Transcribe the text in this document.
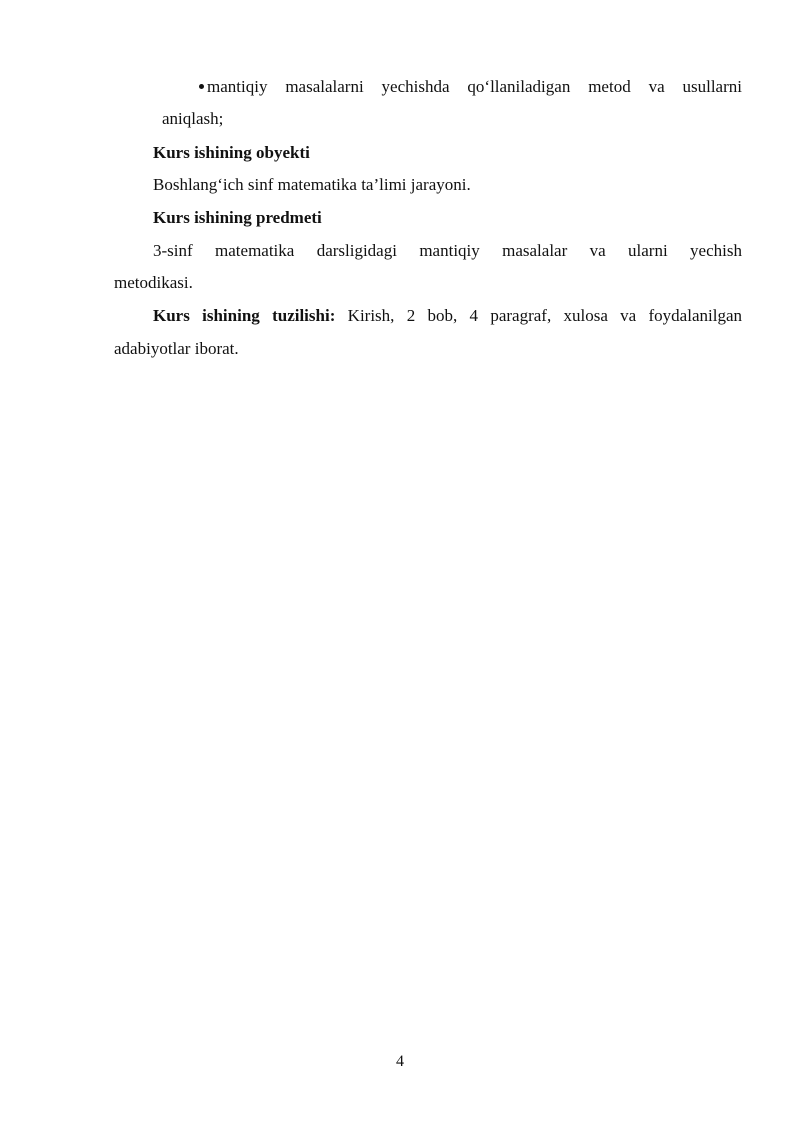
mantiqiy masalalarni yechishda qo‘llaniladigan metod va usullarni
aniqlash;
Kurs ishining obyekti
Boshlang‘ich sinf matematika ta’limi jarayoni.
Kurs ishining predmeti
3-sinf matematika darsligidagi mantiqiy masalalar va ularni yechish
metodikasi.
Kurs ishining tuzilishi: Kirish, 2 bob, 4 paragraf, xulosa va foydalanilgan
adabiyotlar iborat.
4
